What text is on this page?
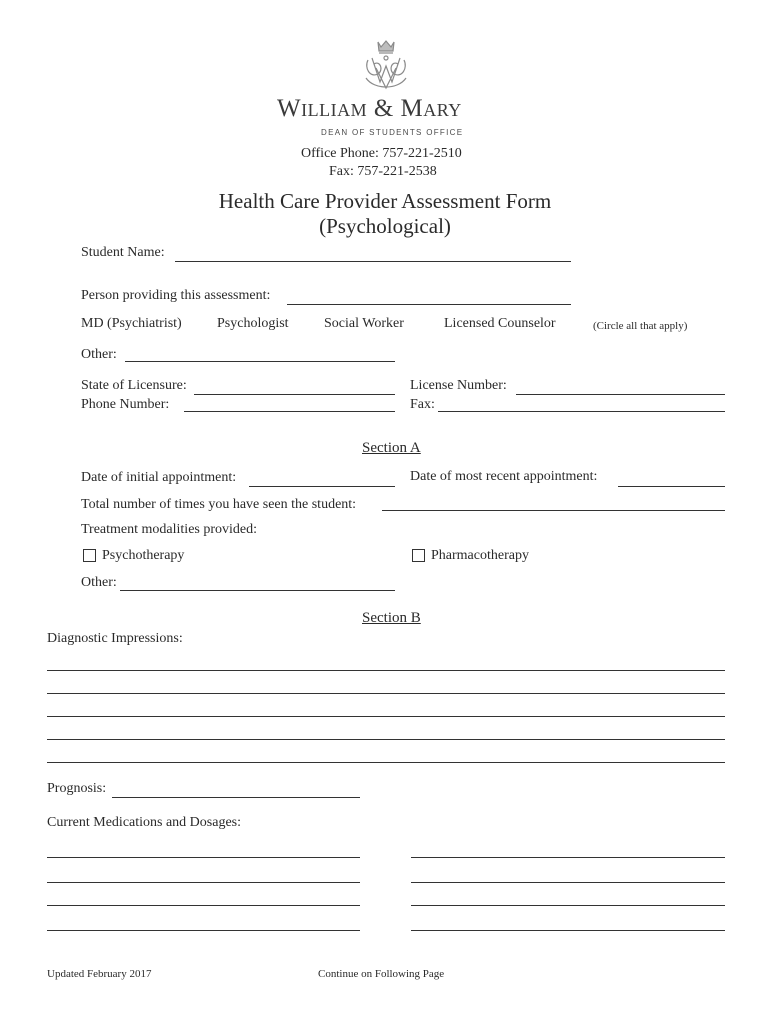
William & Mary
DEAN OF STUDENTS OFFICE
Office Phone: 757-221-2510
Fax: 757-221-2538
Health Care Provider Assessment Form
(Psychological)
Student Name:
Person providing this assessment:
MD (Psychiatrist)	Psychologist	Social Worker	Licensed Counselor	(Circle all that apply)
Other:
State of Licensure:	License Number:
Phone Number:	Fax:
Section A
Date of initial appointment:	Date of most recent appointment:
Total number of times you have seen the student:
Treatment modalities provided:
Psychotherapy	Pharmacotherapy
Other:
Section B
Diagnostic Impressions:
Prognosis:
Current Medications and Dosages:
Updated February 2017	Continue on Following Page
